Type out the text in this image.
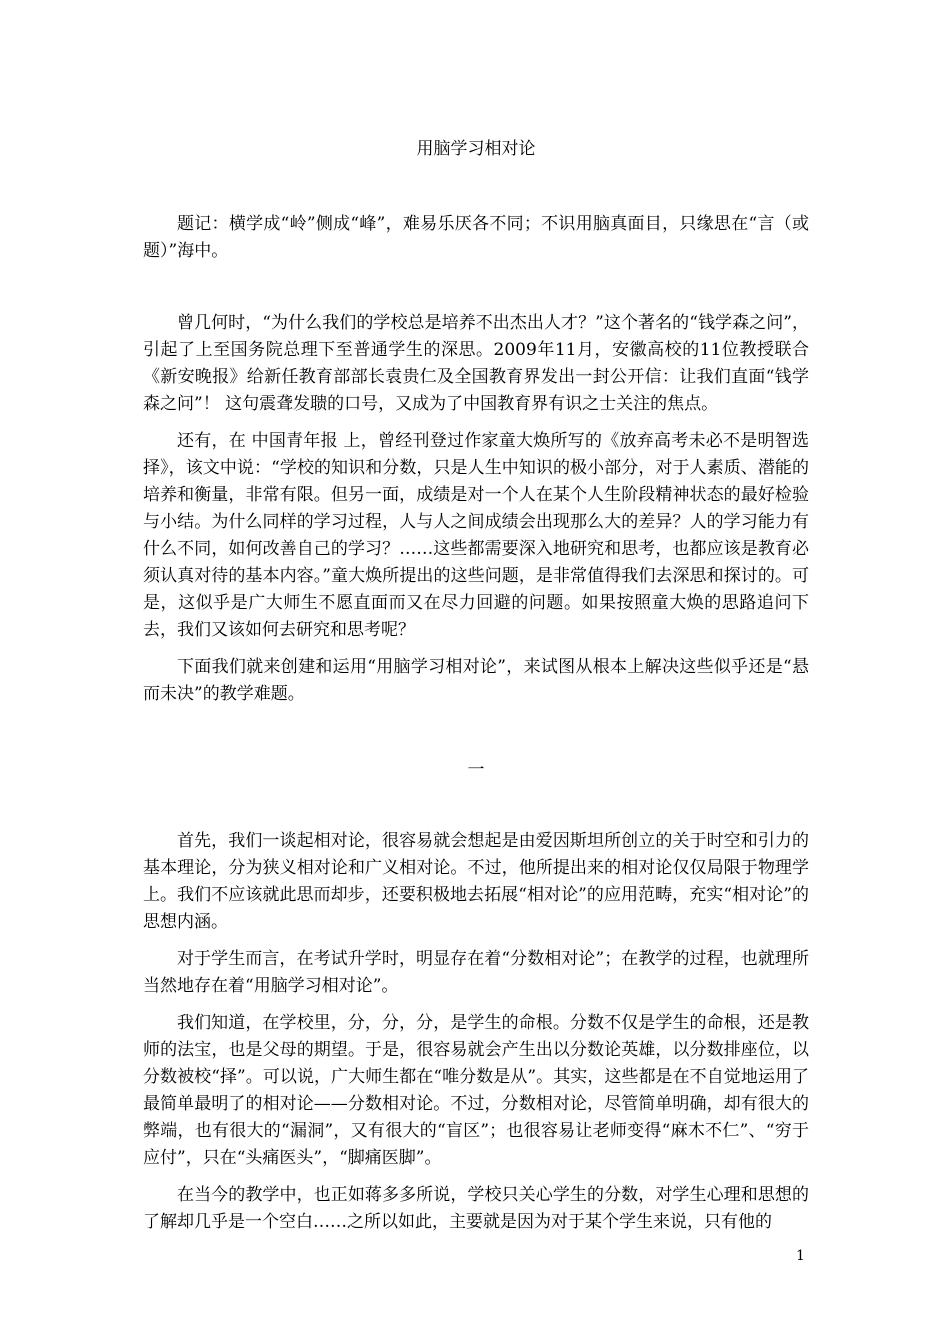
用脑学习相对论

题记：横学成“岭”侧成“峰”，难易乐厌各不同；不识用脑真面目，只缘思在“言（或题）”海中。

曾几何时，“为什么我们的学校总是培养不出杰出人才？”这个著名的“钱学森之问”，引起了上至国务院总理下至普通学生的深思。2009年11月，安徽高校的11位教授联合《新安晚报》给新任教育部部长袁贵仁及全国教育界发出一封公开信：让我们直面“钱学森之问”！ 这句震聋发聩的口号，又成为了中国教育界有识之士关注的焦点。

还有，在 中国青年报 上，曾经刊登过作家童大焕所写的《放弃高考未必不是明智选择》，该文中说：“学校的知识和分数，只是人生中知识的极小部分，对于人素质、潜能的培养和衡量，非常有限。但另一面，成绩是对一个人在某个人生阶段精神状态的最好检验与小结。为什么同样的学习过程，人与人之间成绩会出现那么大的差异？人的学习能力有什么不同，如何改善自己的学习？……这些都需要深入地研究和思考，也都应该是教育必须认真对待的基本内容。”童大焕所提出的这些问题，是非常值得我们去深思和探讨的。可是，这似乎是广大师生不愿直面而又在尽力回避的问题。如果按照童大焕的思路追问下去，我们又该如何去研究和思考呢？

下面我们就来创建和运用“用脑学习相对论”，来试图从根本上解决这些似乎还是“悬而未决”的教学难题。

一

首先，我们一谈起相对论，很容易就会想起是由爱因斯坦所创立的关于时空和引力的基本理论，分为狭义相对论和广义相对论。不过，他所提出来的相对论仅仅局限于物理学上。我们不应该就此思而却步，还要积极地去拓展“相对论”的应用范畴，充实“相对论”的思想内涵。

对于学生而言，在考试升学时，明显存在着“分数相对论”；在教学的过程，也就理所当然地存在着“用脑学习相对论”。

我们知道，在学校里，分，分，分，是学生的命根。分数不仅是学生的命根，还是教师的法宝，也是父母的期望。于是，很容易就会产生出以分数论英雄，以分数排座位，以分数被校“择”。可以说，广大师生都在“唯分数是从”。其实，这些都是在不自觉地运用了最简单最明了的相对论——分数相对论。不过，分数相对论，尽管简单明确，却有很大的弊端，也有很大的“漏洞”，又有很大的“盲区”；也很容易让老师变得“麻木不仁”、“穷于应付”，只在“头痛医头”，“脚痛医脚”。

在当今的教学中，也正如蒋多多所说，学校只关心学生的分数，对学生心理和思想的了解却几乎是一个空白……之所以如此，主要就是因为对于某个学生来说，只有他的

1
